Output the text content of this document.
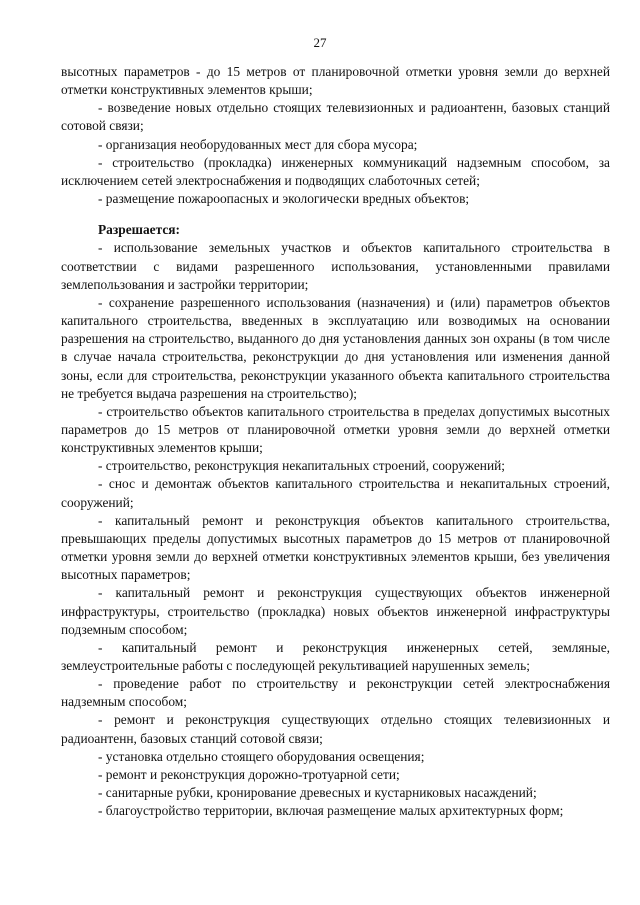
27

высотных параметров - до 15 метров от планировочной отметки уровня земли до верхней отметки конструктивных элементов крыши;

- возведение новых отдельно стоящих телевизионных и радиоантенн, базовых станций сотовой связи;

- организация необорудованных мест для сбора мусора;

- строительство (прокладка) инженерных коммуникаций надземным способом, за исключением сетей электроснабжения и подводящих слаботочных сетей;

- размещение пожароопасных и экологически вредных объектов;

Разрешается:

- использование земельных участков и объектов капитального строительства в соответствии с видами разрешенного использования, установленными правилами землепользования и застройки территории;

- сохранение разрешенного использования (назначения) и (или) параметров объектов капитального строительства, введенных в эксплуатацию или возводимых на основании разрешения на строительство, выданного до дня установления данных зон охраны (в том числе в случае начала строительства, реконструкции до дня установления или изменения данной зоны, если для строительства, реконструкции указанного объекта капитального строительства не требуется выдача разрешения на строительство);

- строительство объектов капитального строительства в пределах допустимых высотных параметров до 15 метров от планировочной отметки уровня земли до верхней отметки конструктивных элементов крыши;

- строительство, реконструкция некапитальных строений, сооружений;

- снос и демонтаж объектов капитального строительства и некапитальных строений, сооружений;

- капитальный ремонт и реконструкция объектов капитального строительства, превышающих пределы допустимых высотных параметров до 15 метров от планировочной отметки уровня земли до верхней отметки конструктивных элементов крыши, без увеличения высотных параметров;

- капитальный ремонт и реконструкция существующих объектов инженерной инфраструктуры, строительство (прокладка) новых объектов инженерной инфраструктуры подземным способом;

- капитальный ремонт и реконструкция инженерных сетей, земляные, землеустроительные работы с последующей рекультивацией нарушенных земель;

- проведение работ по строительству и реконструкции сетей электроснабжения надземным способом;

- ремонт и реконструкция существующих отдельно стоящих телевизионных и радиоантенн, базовых станций сотовой связи;

- установка отдельно стоящего оборудования освещения;

- ремонт и реконструкция дорожно-тротуарной сети;

- санитарные рубки, кронирование древесных и кустарниковых насаждений;

- благоустройство территории, включая размещение малых архитектурных форм;
